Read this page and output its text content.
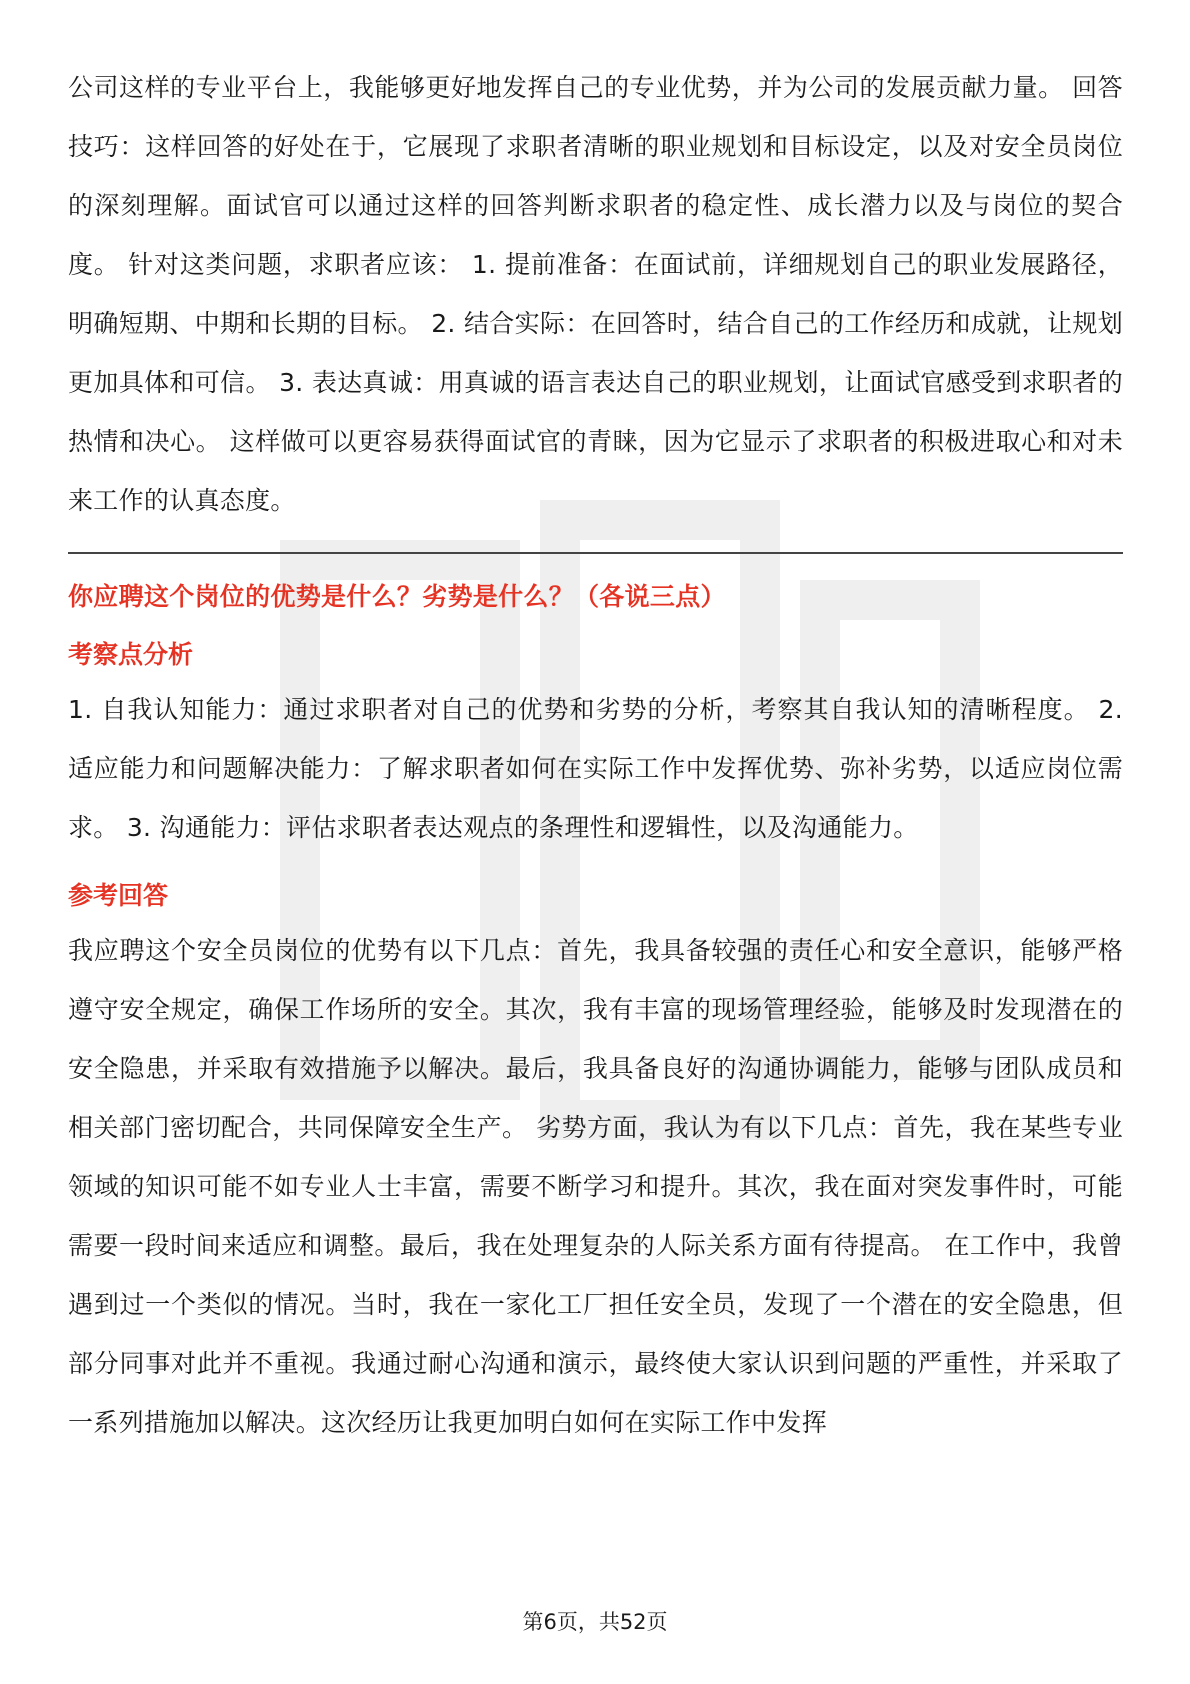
公司这样的专业平台上，我能够更好地发挥自己的专业优势，并为公司的发展贡献力量。 回答技巧：这样回答的好处在于，它展现了求职者清晰的职业规划和目标设定，以及对安全员岗位的深刻理解。面试官可以通过这样的回答判断求职者的稳定性、成长潜力以及与岗位的契合度。 针对这类问题，求职者应该： 1. 提前准备：在面试前，详细规划自己的职业发展路径，明确短期、中期和长期的目标。 2. 结合实际：在回答时，结合自己的工作经历和成就，让规划更加具体和可信。 3. 表达真诚：用真诚的语言表达自己的职业规划，让面试官感受到求职者的热情和决心。 这样做可以更容易获得面试官的青睐，因为它显示了求职者的积极进取心和对未来工作的认真态度。

你应聘这个岗位的优势是什么？劣势是什么？（各说三点）

考察点分析

1. 自我认知能力：通过求职者对自己的优势和劣势的分析，考察其自我认知的清晰程度。 2. 适应能力和问题解决能力：了解求职者如何在实际工作中发挥优势、弥补劣势，以适应岗位需求。 3. 沟通能力：评估求职者表达观点的条理性和逻辑性，以及沟通能力。

参考回答

我应聘这个安全员岗位的优势有以下几点：首先，我具备较强的责任心和安全意识，能够严格遵守安全规定，确保工作场所的安全。其次，我有丰富的现场管理经验，能够及时发现潜在的安全隐患，并采取有效措施予以解决。最后，我具备良好的沟通协调能力，能够与团队成员和相关部门密切配合，共同保障安全生产。 劣势方面，我认为有以下几点：首先，我在某些专业领域的知识可能不如专业人士丰富，需要不断学习和提升。其次，我在面对突发事件时，可能需要一段时间来适应和调整。最后，我在处理复杂的人际关系方面有待提高。 在工作中，我曾遇到过一个类似的情况。当时，我在一家化工厂担任安全员，发现了一个潜在的安全隐患，但部分同事对此并不重视。我通过耐心沟通和演示，最终使大家认识到问题的严重性，并采取了一系列措施加以解决。这次经历让我更加明白如何在实际工作中发挥

第6页，共52页
